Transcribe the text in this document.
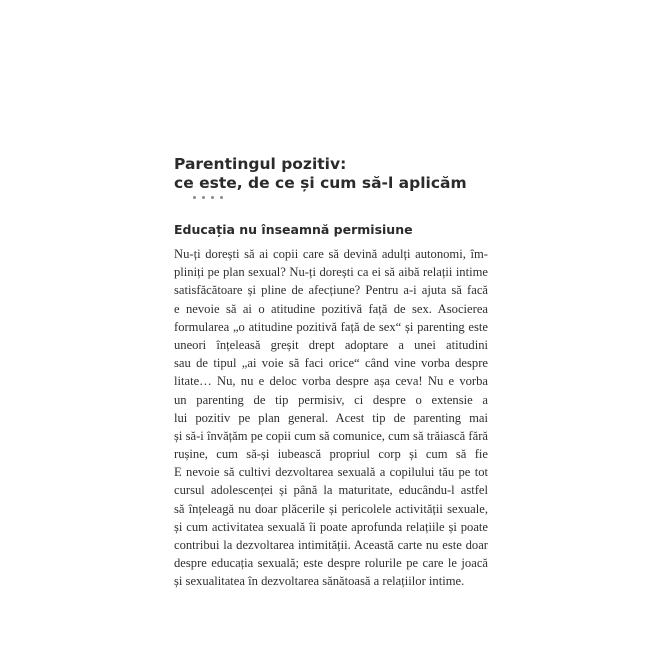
Parentingul pozitiv:
ce este, de ce și cum să-l aplicăm
Educația nu înseamnă permisiune
Nu-ți dorești să ai copii care să devină adulți autonomi, îm-
pliniți pe plan sexual? Nu-ți dorești ca ei să aibă relații intime
satisfăcătoare și pline de afecțiune? Pentru a-i ajuta să facă
e nevoie să ai o atitudine pozitivă față de sex. Asocierea
formularea „o atitudine pozitivă față de sex“ și parenting este
uneori înțeleasă greșit drept adoptare a unei atitudini
sau de tipul „ai voie să faci orice“ când vine vorba despre
litate… Nu, nu e deloc vorba despre așa ceva! Nu e vorba
un parenting de tip permisiv, ci despre o extensie a
lui pozitiv pe plan general. Acest tip de parenting mai
și să-i învățăm pe copii cum să comunice, cum să trăiască fără
rușine, cum să-și iubească propriul corp și cum să fie
E nevoie să cultivi dezvoltarea sexuală a copilului tău pe tot
cursul adolescenței și până la maturitate, educându-l astfel
să înțeleagă nu doar plăcerile și pericolele activității sexuale,
și cum activitatea sexuală îi poate aprofunda relațiile și poate
contribui la dezvoltarea intimității. Această carte nu este doar
despre educația sexuală; este despre rolurile pe care le joacă
și sexualitatea în dezvoltarea sănătoasă a relațiilor intime.
